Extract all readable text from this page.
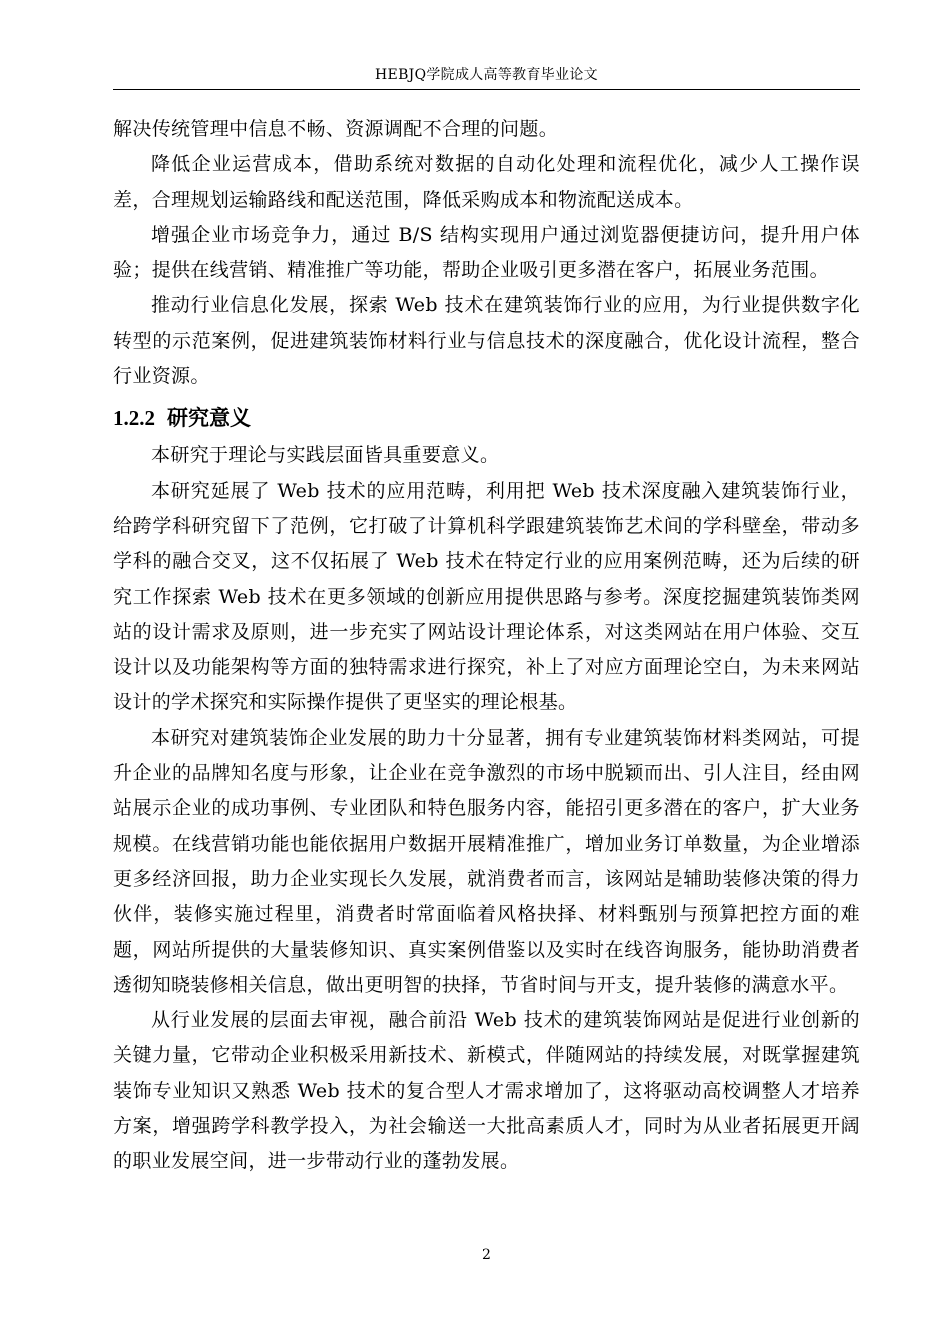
HEBJQ学院成人高等教育毕业论文

解决传统管理中信息不畅、资源调配不合理的问题。

降低企业运营成本，借助系统对数据的自动化处理和流程优化，减少人工操作误差，合理规划运输路线和配送范围，降低采购成本和物流配送成本。

增强企业市场竞争力，通过 B/S 结构实现用户通过浏览器便捷访问，提升用户体验；提供在线营销、精准推广等功能，帮助企业吸引更多潜在客户，拓展业务范围。

推动行业信息化发展，探索 Web 技术在建筑装饰行业的应用，为行业提供数字化转型的示范案例，促进建筑装饰材料行业与信息技术的深度融合，优化设计流程，整合行业资源。

1.2.2 研究意义

本研究于理论与实践层面皆具重要意义。

本研究延展了 Web 技术的应用范畴，利用把 Web 技术深度融入建筑装饰行业，给跨学科研究留下了范例，它打破了计算机科学跟建筑装饰艺术间的学科壁垒，带动多学科的融合交叉，这不仅拓展了 Web 技术在特定行业的应用案例范畴，还为后续的研究工作探索 Web 技术在更多领域的创新应用提供思路与参考。深度挖掘建筑装饰类网站的设计需求及原则，进一步充实了网站设计理论体系，对这类网站在用户体验、交互设计以及功能架构等方面的独特需求进行探究，补上了对应方面理论空白，为未来网站设计的学术探究和实际操作提供了更坚实的理论根基。

本研究对建筑装饰企业发展的助力十分显著，拥有专业建筑装饰材料类网站，可提升企业的品牌知名度与形象，让企业在竞争激烈的市场中脱颖而出、引人注目，经由网站展示企业的成功事例、专业团队和特色服务内容，能招引更多潜在的客户，扩大业务规模。在线营销功能也能依据用户数据开展精准推广，增加业务订单数量，为企业增添更多经济回报，助力企业实现长久发展，就消费者而言，该网站是辅助装修决策的得力伙伴，装修实施过程里，消费者时常面临着风格抉择、材料甄别与预算把控方面的难题，网站所提供的大量装修知识、真实案例借鉴以及实时在线咨询服务，能协助消费者透彻知晓装修相关信息，做出更明智的抉择，节省时间与开支，提升装修的满意水平。

从行业发展的层面去审视，融合前沿 Web 技术的建筑装饰网站是促进行业创新的关键力量，它带动企业积极采用新技术、新模式，伴随网站的持续发展，对既掌握建筑装饰专业知识又熟悉 Web 技术的复合型人才需求增加了，这将驱动高校调整人才培养方案，增强跨学科教学投入，为社会输送一大批高素质人才，同时为从业者拓展更开阔的职业发展空间，进一步带动行业的蓬勃发展。

2
